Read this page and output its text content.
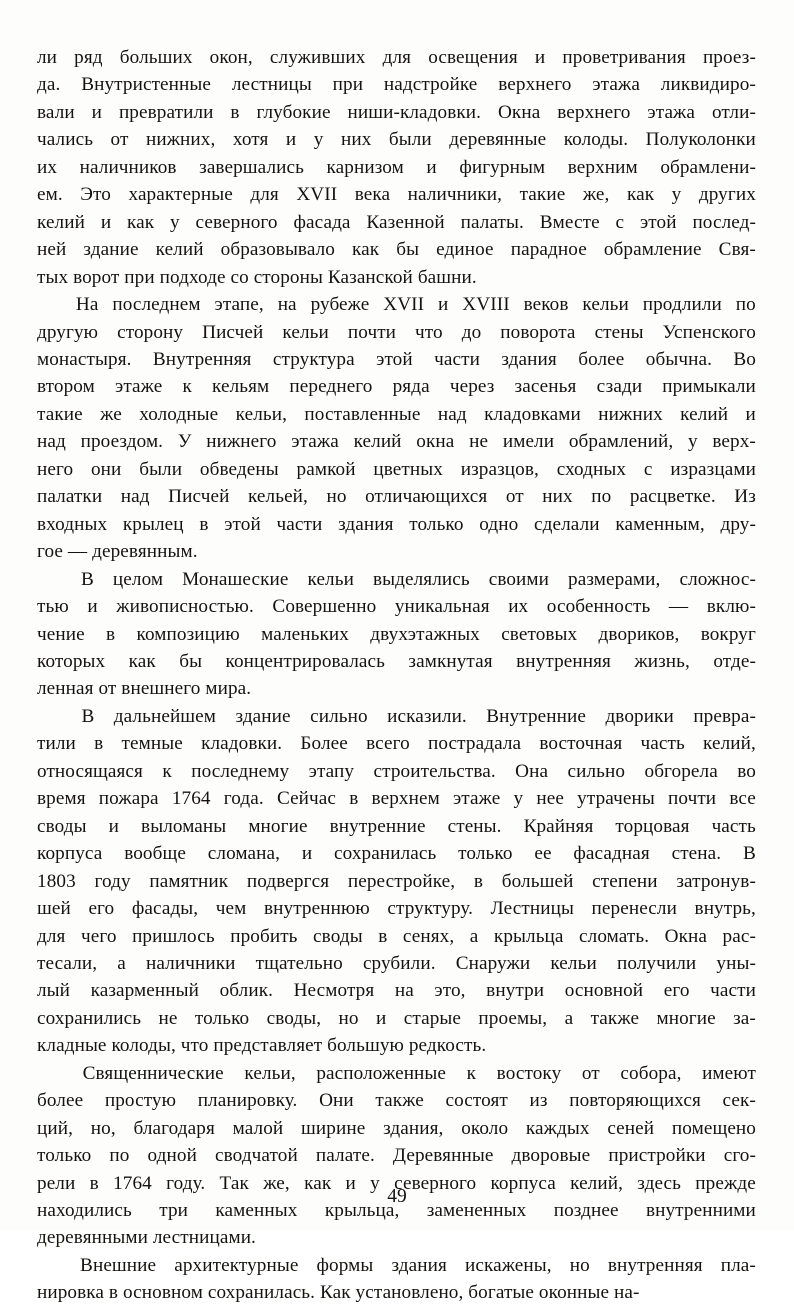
ли ряд больших окон, служивших для освещения и проветривания проез-
да. Внутристенные лестницы при надстройке верхнего этажа ликвидиро-
вали и превратили в глубокие ниши-кладовки. Окна верхнего этажа отли-
чались от нижних, хотя и у них были деревянные колоды. Полуколонки
их наличников завершались карнизом и фигурным верхним обрамлени-
ем. Это характерные для XVII века наличники, такие же, как у других
келий и как у северного фасада Казенной палаты. Вместе с этой послед-
ней здание келий образовывало как бы единое парадное обрамление Свя-
тых ворот при подходе со стороны Казанской башни.
На последнем этапе, на рубеже XVII и XVIII веков кельи продлили по
другую сторону Писчей кельи почти что до поворота стены Успенского
монастыря. Внутренняя структура этой части здания более обычна. Во
втором этаже к кельям переднего ряда через засенья сзади примыкали
такие же холодные кельи, поставленные над кладовками нижних келий и
над проездом. У нижнего этажа келий окна не имели обрамлений, у верх-
него они были обведены рамкой цветных изразцов, сходных с изразцами
палатки над Писчей кельей, но отличающихся от них по расцветке. Из
входных крылец в этой части здания только одно сделали каменным, дру-
гое — деревянным.
В целом Монашеские кельи выделялись своими размерами, сложнос-
тью и живописностью. Совершенно уникальная их особенность — вклю-
чение в композицию маленьких двухэтажных световых двориков, вокруг
которых как бы концентрировалась замкнутая внутренняя жизнь, отде-
ленная от внешнего мира.
В дальнейшем здание сильно исказили. Внутренние дворики превра-
тили в темные кладовки. Более всего пострадала восточная часть келий,
относящаяся к последнему этапу строительства. Она сильно обгорела во
время пожара 1764 года. Сейчас в верхнем этаже у нее утрачены почти все
своды и выломаны многие внутренние стены. Крайняя торцовая часть
корпуса вообще сломана, и сохранилась только ее фасадная стена. В
1803 году памятник подвергся перестройке, в большей степени затронув-
шей его фасады, чем внутреннюю структуру. Лестницы перенесли внутрь,
для чего пришлось пробить своды в сенях, а крыльца сломать. Окна рас-
тесали, а наличники тщательно срубили. Снаружи кельи получили уны-
лый казарменный облик. Несмотря на это, внутри основной его части
сохранились не только своды, но и старые проемы, а также многие за-
кладные колоды, что представляет большую редкость.
Священнические кельи, расположенные к востоку от собора, имеют
более простую планировку. Они также состоят из повторяющихся сек-
ций, но, благодаря малой ширине здания, около каждых сеней помещено
только по одной сводчатой палате. Деревянные дворовые пристройки сго-
рели в 1764 году. Так же, как и у северного корпуса келий, здесь прежде
находились три каменных крыльца, замененных позднее внутренними
деревянными лестницами.
Внешние архитектурные формы здания искажены, но внутренняя пла-
нировка в основном сохранилась. Как установлено, богатые оконные на-
49
